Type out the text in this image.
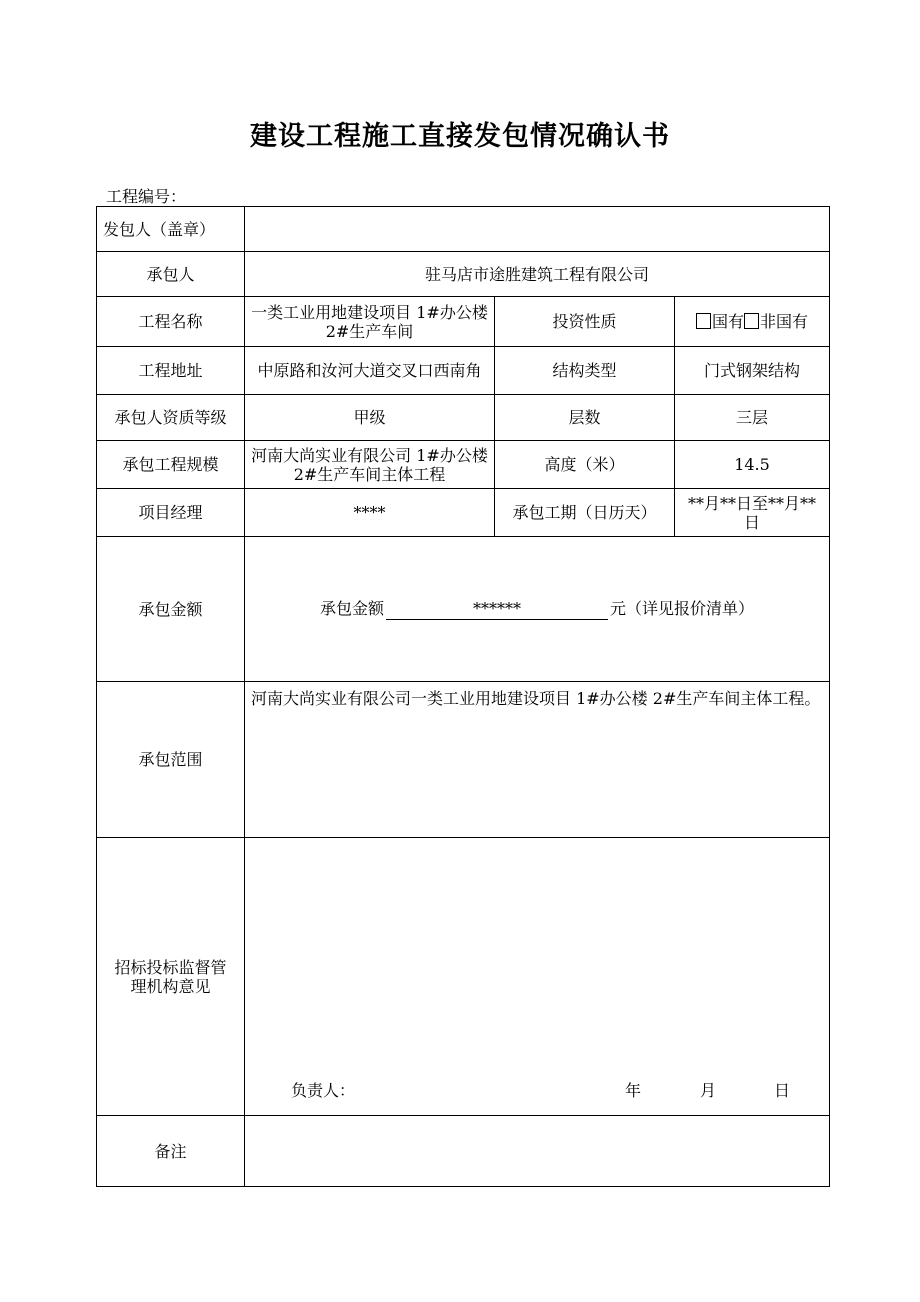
建设工程施工直接发包情况确认书
工程编号：
发包人（盖章）			
承包人	驻马店市途胜建筑工程有限公司		
工程名称	一类工业用地建设项目 1#办公楼 2#生产车间	投资性质	国有 非国有
工程地址	中原路和汝河大道交叉口西南角	结构类型	门式钢架结构
承包人资质等级	甲级	层数	三层
承包工程规模	河南大尚实业有限公司 1#办公楼 2#生产车间主体工程	高度（米）	14.5
项目经理	****	承包工期（日历天）	**月**日至**月**日
承包金额	承包金额 ****** 元（详见报价清单）		
承包范围	河南大尚实业有限公司一类工业用地建设项目 1#办公楼 2#生产车间主体工程。		
招标投标监督管理机构意见	负责人： 年 月 日		

备注			
